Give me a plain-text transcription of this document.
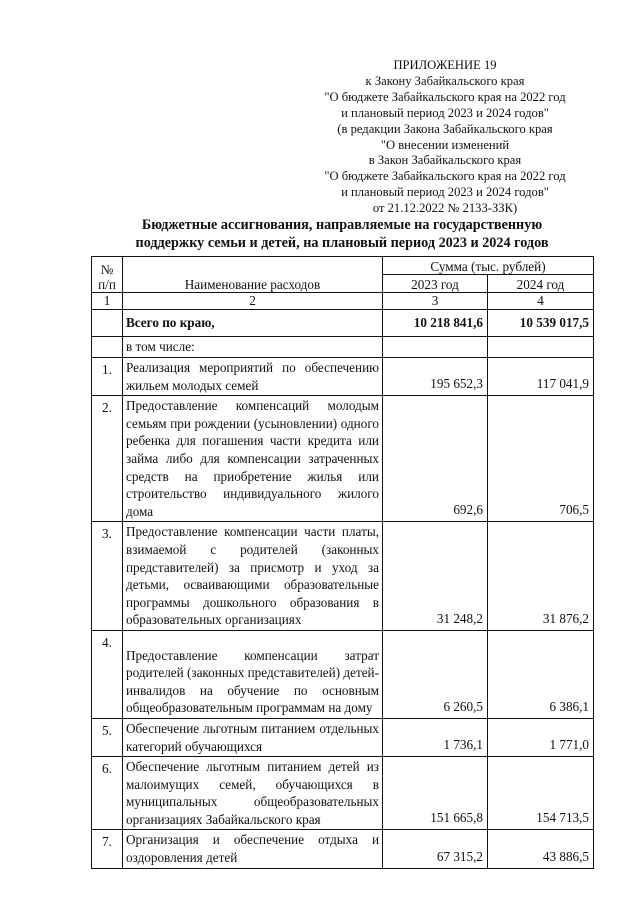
ПРИЛОЖЕНИЕ 19
к Закону Забайкальского края
"О бюджете Забайкальского края на 2022 год
и плановый период 2023 и 2024 годов"
(в редакции Закона Забайкальского края
"О внесении изменений
в Закон Забайкальского края
"О бюджете Забайкальского края на 2022 год
и плановый период 2023 и 2024 годов"
от 21.12.2022 № 2133-ЗЗК)
Бюджетные ассигнования, направляемые на государственную
поддержку семьи и детей, на плановый период 2023 и 2024 годов
№
п/п	Наименование расходов	Сумма (тыс. рублей)	
		2023 год	2024 год
1	2	3	4
	Всего по краю,	10 218 841,6	10 539 017,5
	в том числе:		
1.	Реализация мероприятий по обеспечению жильем молодых семей	195 652,3	117 041,9
2.	Предоставление компенсаций молодым семьям при рождении (усыновлении) одного ребенка для погашения части кредита или займа либо для компенсации затраченных средств на приобретение жилья или строительство индивидуального жилого дома	692,6	706,5
3.	Предоставление компенсации части платы, взимаемой с родителей (законных представителей) за присмотр и уход за детьми, осваивающими образовательные программы дошкольного образования в образовательных организациях	31 248,2	31 876,2
4.	Предоставление компенсации затрат родителей (законных представителей) детей-инвалидов на обучение по основным общеобразовательным программам на дому	6 260,5	6 386,1
5.	Обеспечение льготным питанием отдельных категорий обучающихся	1 736,1	1 771,0
6.	Обеспечение льготным питанием детей из малоимущих семей, обучающихся в муниципальных общеобразовательных организациях Забайкальского края	151 665,8	154 713,5
7.	Организация и обеспечение отдыха и оздоровления детей	67 315,2	43 886,5
